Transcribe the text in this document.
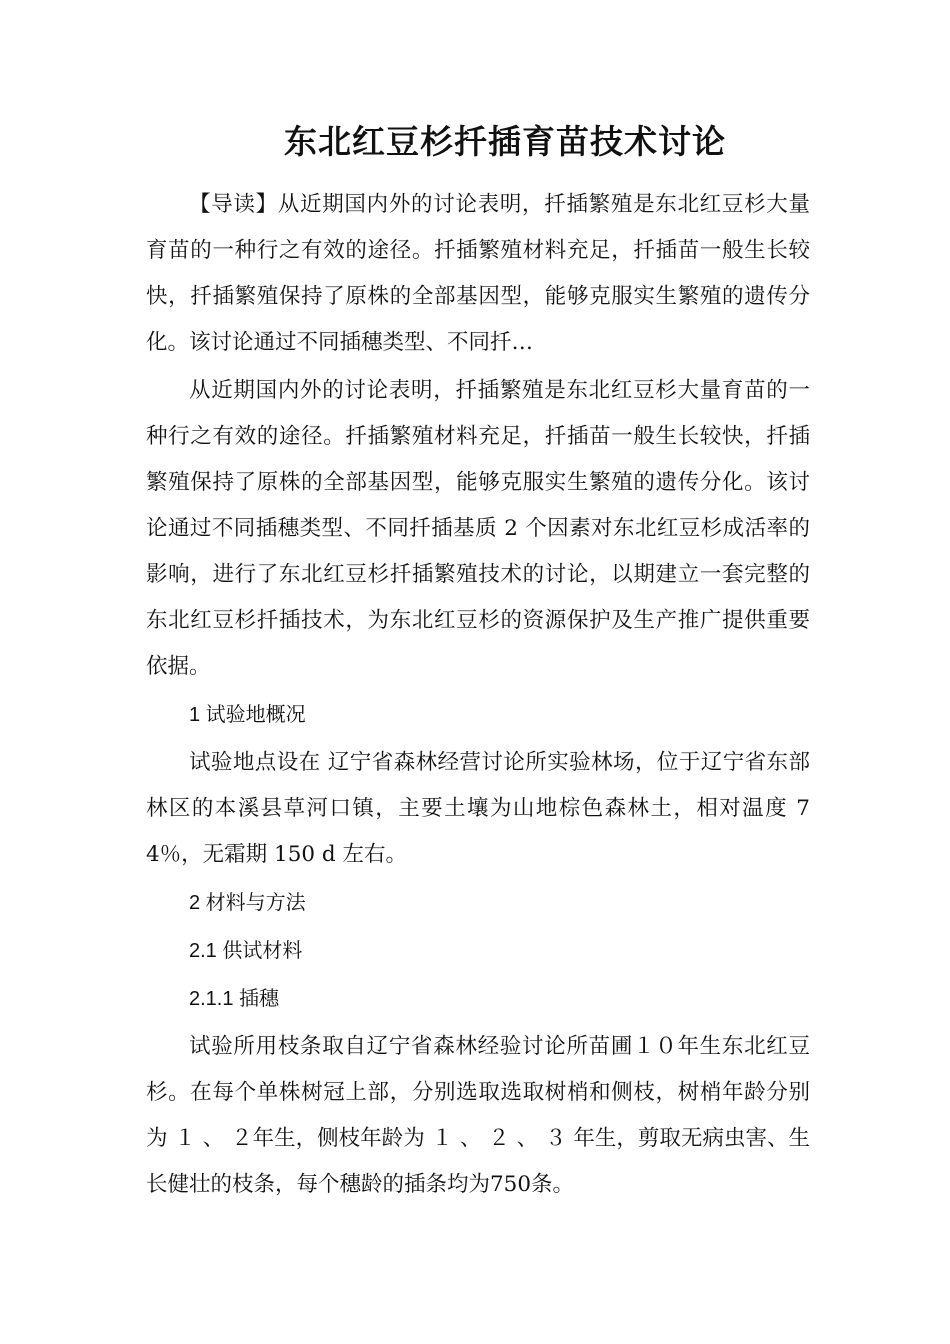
东北红豆杉扦插育苗技术讨论

【导读】从近期国内外的讨论表明，扦插繁殖是东北红豆杉大量育苗的一种行之有效的途径。扦插繁殖材料充足，扦插苗一般生长较快，扦插繁殖保持了原株的全部基因型，能够克服实生繁殖的遗传分化。该讨论通过不同插穗类型、不同扦…

从近期国内外的讨论表明，扦插繁殖是东北红豆杉大量育苗的一种行之有效的途径。扦插繁殖材料充足，扦插苗一般生长较快，扦插繁殖保持了原株的全部基因型，能够克服实生繁殖的遗传分化。该讨论通过不同插穗类型、不同扦插基质 2 个因素对东北红豆杉成活率的影响，进行了东北红豆杉扦插繁殖技术的讨论，以期建立一套完整的东北红豆杉扦插技术，为东北红豆杉的资源保护及生产推广提供重要依据。

1 试验地概况

试验地点设在 辽宁省森林经营讨论所实验林场，位于辽宁省东部林区的本溪县草河口镇，主要土壤为山地棕色森林土，相对温度 74％，无霜期 150 d 左右。

2 材料与方法

2.1 供试材料

2.1.1 插穗

试验所用枝条取自辽宁省森林经验讨论所苗圃１０年生东北红豆杉。在每个单株树冠上部，分别选取选取树梢和侧枝，树梢年龄分别为 １ 、 ２年生，侧枝年龄为 １ 、 ２ 、 ３ 年生，剪取无病虫害、生长健壮的枝条，每个穗龄的插条均为750条。
